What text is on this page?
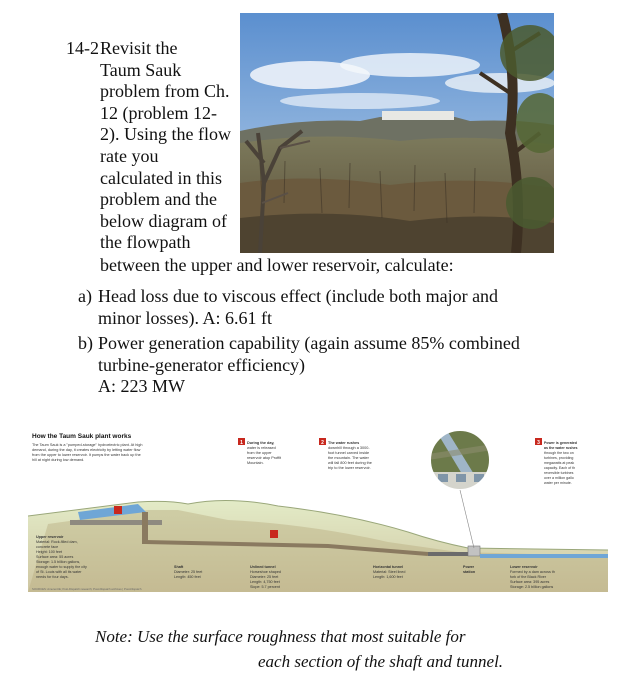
14-2 Revisit the
Taum Sauk
problem from Ch.
12 (problem 12-
2). Using the flow
rate you
calculated in this
problem and the
below diagram of
the flowpath
between the upper and lower reservoir, calculate:
a) Head loss due to viscous effect (include both major and
minor losses). A: 6.61 ft
b) Power generation capability (again assume 85% combined
turbine-generator efficiency)
A: 223 MW
How the Taum Sauk plant works
The Taum Sauk is a "pumped-storage" hydroelectric plant. At high
demand, during the day, it creates electricity by letting water flow
from the upper to lower reservoir. It pumps the water back up the
hill at night during low demand.
1 During the day,
water is released
from the upper
reservoir atop Proffit
Mountain.
2 The water rushes
downhill through a 3000-
foot tunnel carved inside
the mountain. The water
will fall 800 feet during the
trip to the lower reservoir.
3 Power is generated
as the water rushes
through the two on
turbines, providing
megawatts at peak
capacity. Each of th
reversible turbines
over a million gallo
water per minute.
Upper reservoir
Material: Rock-filled dam,
concrete face
Height: 100 feet
Surface area: 55 acres
Storage: 1.5 billion gallons,
enough water to supply the city
of St. Louis with all its water
needs for four days.
Shaft
Diameter: 25 feet
Length: 450 feet
Unlined tunnel
Horseshoe shaped
Diameter: 25 feet
Length: 4,750 feet
Slope: 5.7 percent
Horizontal tunnel
Material: Steel lined
Length: 1,600 feet
Power
station
Lower reservoir
Formed by a dam across th
fork of the Black River
Surface area: 395 acres
Storage: 2.5 billion gallons
SOURCES: AmerenUE; Post-Dispatch research; Post-Dispatch archives | Post-Dispatch
Note: Use the surface roughness that most suitable for
each section of the shaft and tunnel.
